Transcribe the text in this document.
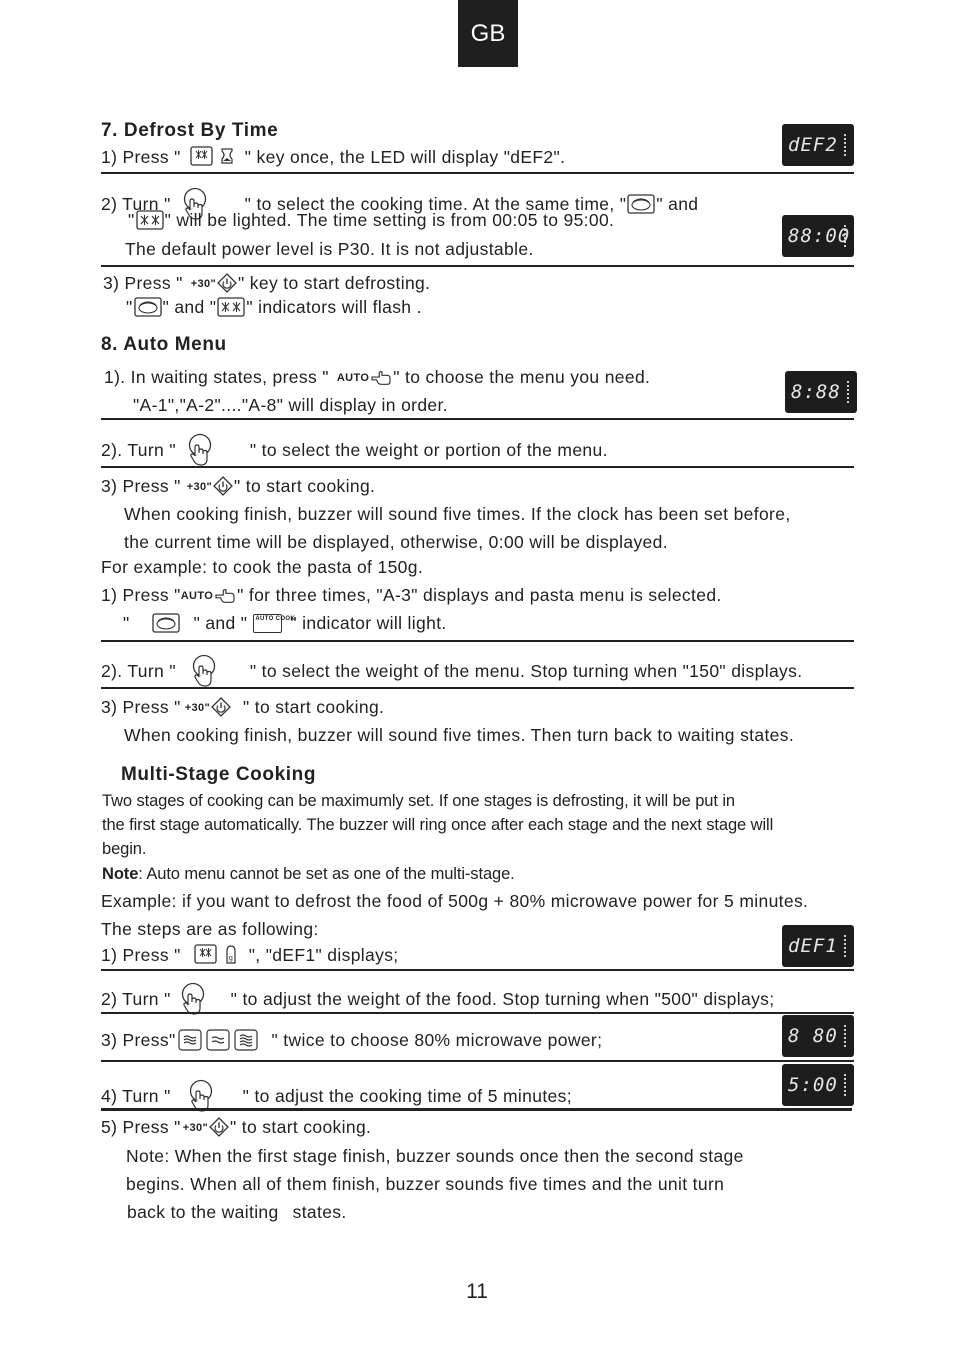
GB
7. Defrost By Time
1) Press "	" key once, the LED will display "dEF2".
dEF2
2) Turn "	" to select the cooking time. At the same time, " " and
" " will be lighted. The time setting is from 00:05 to 95:00.
The default power level is P30. It is not adjustable.
88:00
3) Press " +30" " key to start defrosting.
" " and " " indicators will flash .
8. Auto Menu
1). In waiting states, press " AUTO " to choose the menu you need.
"A-1","A-2"...."A-8" will display in order.
8:88
2). Turn "	" to select the weight or portion of the menu.
3) Press " +30" " to start cooking.
When cooking finish, buzzer will sound five times. If the clock has been set before,
the current time will be displayed, otherwise, 0:00 will be displayed.
For example: to cook the pasta of 150g.
1) Press "AUTO " for three times, "A-3" displays and pasta menu is selected.
"	" and " AUTO COOK
" indicator will light.
2). Turn "	" to select the weight of the menu. Stop turning when "150" displays.
3) Press " +30" " to start cooking.
When cooking finish, buzzer will sound five times. Then turn back to waiting states.
Multi-Stage Cooking
Two stages of cooking can be maximumly set. If one stages is defrosting, it will be put in
the first stage automatically. The buzzer will ring once after each stage and the next stage will
begin.
Note: Auto menu cannot be set as one of the multi-stage.
Example: if you want to defrost the food of 500g + 80% microwave power for 5 minutes.
The steps are as following:
1) Press "	", "dEF1" displays;	dEF1
2) Turn "	" to adjust the weight of the food. Stop turning when "500" displays;
3) Press"	" twice to choose 80% microwave power;	8 80
4) Turn "	" to adjust the cooking time of 5 minutes;	5:00
5) Press " +30" " to start cooking.
Note: When the first stage finish, buzzer sounds once then the second stage
begins. When all of them finish, buzzer sounds five times and the unit turn
back to the waiting states.
11
